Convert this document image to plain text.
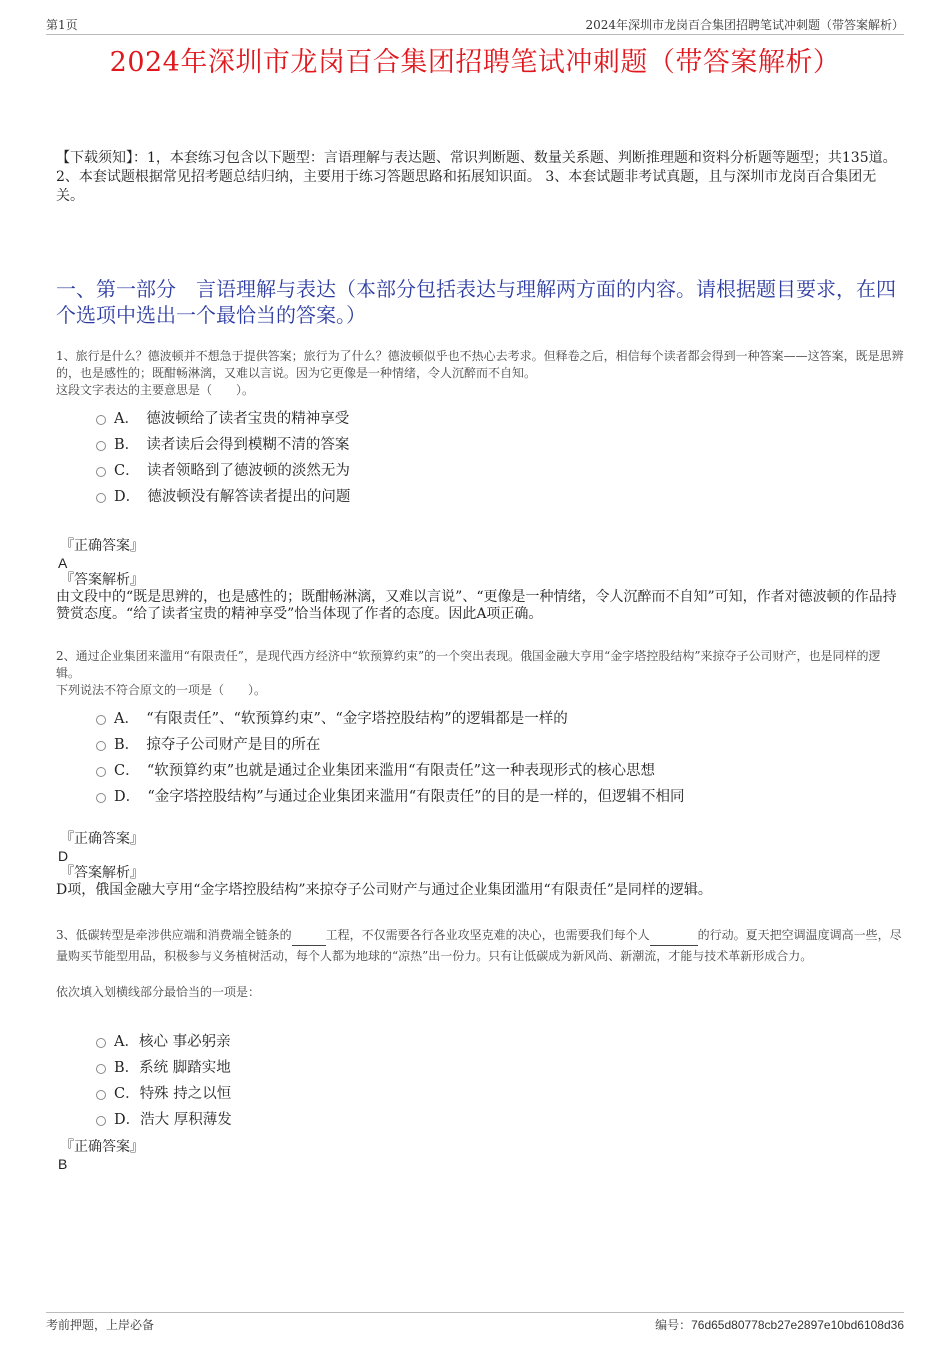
第1页	2024年深圳市龙岗百合集团招聘笔试冲刺题（带答案解析）
2024年深圳市龙岗百合集团招聘笔试冲刺题（带答案解析）
【下载须知】：1，本套练习包含以下题型：言语理解与表达题、常识判断题、数量关系题、判断推理题和资料分析题等题型；共135道。 2、本套试题根据常见招考题总结归纳，主要用于练习答题思路和拓展知识面。 3、本套试题非考试真题，且与深圳市龙岗百合集团无关。
一、第一部分　言语理解与表达（本部分包括表达与理解两方面的内容。请根据题目要求，在四个选项中选出一个最恰当的答案。）
1、旅行是什么？德波顿并不想急于提供答案；旅行为了什么？德波顿似乎也不热心去考求。但释卷之后，相信每个读者都会得到一种答案——这答案，既是思辨的，也是感性的；既酣畅淋漓，又难以言说。因为它更像是一种情绪，令人沉醉而不自知。
这段文字表达的主要意思是（　　）。
A．　德波顿给了读者宝贵的精神享受
B．　读者读后会得到模糊不清的答案
C．　读者领略到了德波顿的淡然无为
D．　德波顿没有解答读者提出的问题
『正确答案』
A
『答案解析』
由文段中的“既是思辨的，也是感性的；既酣畅淋漓，又难以言说”、“更像是一种情绪，令人沉醉而不自知”可知，作者对德波顿的作品持赞赏态度。“给了读者宝贵的精神享受”恰当体现了作者的态度。因此A项正确。
2、通过企业集团来滥用“有限责任”，是现代西方经济中“软预算约束”的一个突出表现。俄国金融大亨用“金字塔控股结构”来掠夺子公司财产，也是同样的逻辑。
下列说法不符合原文的一项是（　　）。
A．　“有限责任”、“软预算约束”、“金字塔控股结构”的逻辑都是一样的
B．　掠夺子公司财产是目的所在
C．　“软预算约束”也就是通过企业集团来滥用“有限责任”这一种表现形式的核心思想
D．　“金字塔控股结构”与通过企业集团来滥用“有限责任”的目的是一样的，但逻辑不相同
『正确答案』
D
『答案解析』
D项，俄国金融大亨用“金字塔控股结构”来掠夺子公司财产与通过企业集团滥用“有限责任”是同样的逻辑。
3、低碳转型是牵涉供应端和消费端全链条的	工程，不仅需要各行各业攻坚克难的决心，也需要我们每个人	的行动。夏天把空调温度调高一些，尽量购买节能型用品，积极参与义务植树活动，每个人都为地球的“凉热”出一份力。只有让低碳成为新风尚、新潮流，才能与技术革新形成合力。
依次填入划横线部分最恰当的一项是：
A．核心 事必躬亲
B．系统 脚踏实地
C．特殊 持之以恒
D．浩大 厚积薄发
『正确答案』
B
考前押题，上岸必备	编号：76d65d80778cb27e2897e10bd6108d36
